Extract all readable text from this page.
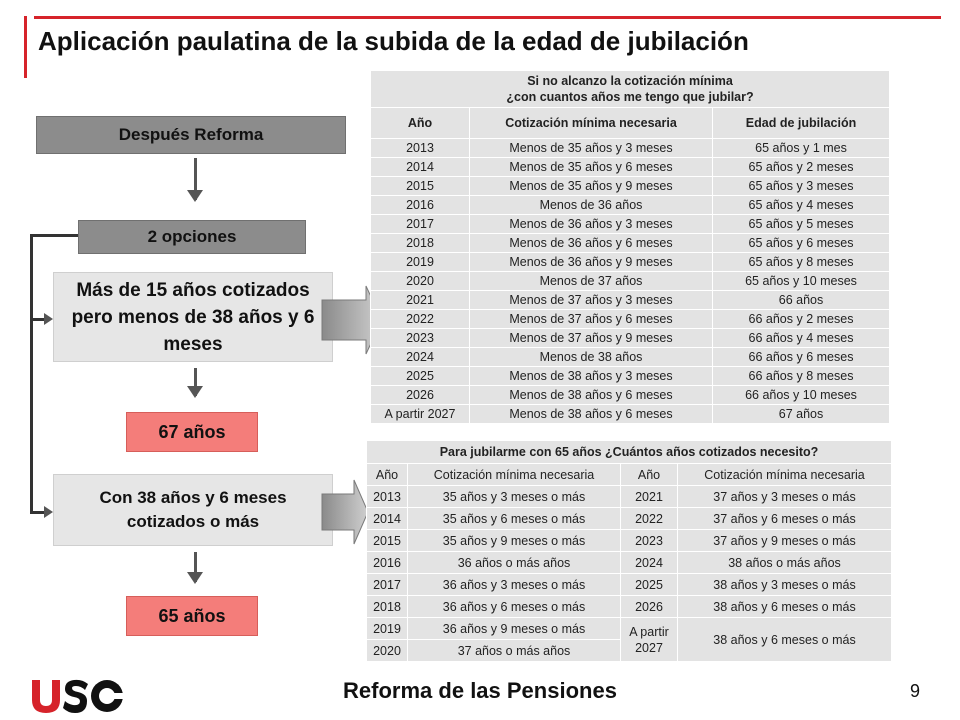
Aplicación paulatina de la subida de la edad de jubilación
Después Reforma
2 opciones
Más de 15 años cotizados pero menos de 38 años y 6 meses
67 años
Con 38 años y 6 meses cotizados o más
65 años
Si no alcanzo la cotización mínima
¿con cuantos años me tengo que jubilar?		
Año	Cotización mínima necesaria	Edad de jubilación
2013	Menos de 35 años y 3 meses	65 años y 1 mes
2014	Menos de 35 años y 6 meses	65 años y 2 meses
2015	Menos de 35 años y 9 meses	65 años y 3 meses
2016	Menos de 36 años	65 años y 4 meses
2017	Menos de 36 años y 3 meses	65 años y 5 meses
2018	Menos de 36 años y 6 meses	65 años y 6 meses
2019	Menos de 36 años y 9 meses	65 años y 8 meses
2020	Menos de 37 años	65 años y 10 meses
2021	Menos de 37 años y 3 meses	66 años
2022	Menos de 37 años y 6 meses	66 años y 2 meses
2023	Menos de 37 años y 9 meses	66 años y 4 meses
2024	Menos de 38 años	66 años y 6 meses
2025	Menos de 38 años y 3 meses	66 años y 8 meses
2026	Menos de 38 años y 6 meses	66 años y 10 meses
A partir 2027	Menos de 38 años y 6 meses	67 años
Para jubilarme con 65 años ¿Cuántos años cotizados necesito?			
Año	Cotización mínima necesaria	Año	Cotización mínima necesaria
2013	35 años y 3 meses o más	2021	37 años y 3 meses o más
2014	35 años y 6 meses o más	2022	37 años y 6 meses o más
2015	35 años y 9 meses o más	2023	37 años y 9 meses o más
2016	36 años o más años	2024	38 años o más años
2017	36 años y 3 meses o más	2025	38 años y 3 meses o más
2018	36 años y 6 meses o más	2026	38 años y 6 meses o más
2019	36 años y 9 meses o más	A partir 2027	38 años y 6 meses o más
2020	37 años o más años		
Reforma de las Pensiones	9
